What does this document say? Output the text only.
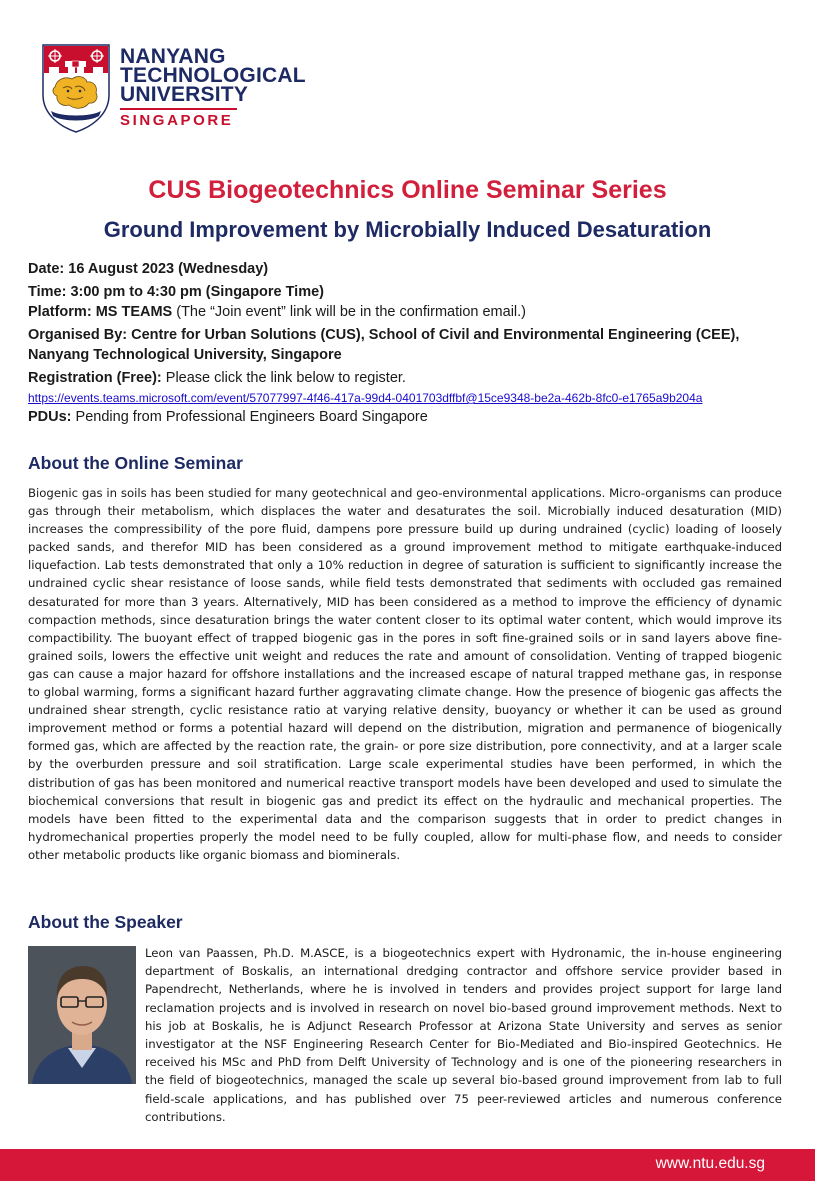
NANYANG
TECHNOLOGICAL
UNIVERSITY
SINGAPORE
CUS Biogeotechnics Online Seminar Series
Ground Improvement by Microbially Induced Desaturation
Date: 16 August 2023 (Wednesday)
Time: 3:00 pm to 4:30 pm (Singapore Time)
Platform: MS TEAMS (The “Join event” link will be in the confirmation email.)
Organised By: Centre for Urban Solutions (CUS), School of Civil and Environmental Engineering (CEE),
Nanyang Technological University, Singapore
Registration (Free): Please click the link below to register.
https://events.teams.microsoft.com/event/57077997-4f46-417a-99d4-0401703dffbf@15ce9348-be2a-462b-8fc0-e1765a9b204a
PDUs: Pending from Professional Engineers Board Singapore
About the Online Seminar

Biogenic gas in soils has been studied for many geotechnical and geo-environmental applications. Micro-organisms can produce gas through their metabolism, which displaces the water and desaturates the soil. Microbially induced desaturation (MID) increases the compressibility of the pore fluid, dampens pore pressure build up during undrained (cyclic) loading of loosely packed sands, and therefor MID has been considered as a ground improvement method to mitigate earthquake-induced liquefaction. Lab tests demonstrated that only a 10% reduction in degree of saturation is sufficient to significantly increase the undrained cyclic shear resistance of loose sands, while field tests demonstrated that sediments with occluded gas remained desaturated for more than 3 years. Alternatively, MID has been considered as a method to improve the efficiency of dynamic compaction methods, since desaturation brings the water content closer to its optimal water content, which would improve its compactibility. The buoyant effect of trapped biogenic gas in the pores in soft fine-grained soils or in sand layers above fine-grained soils, lowers the effective unit weight and reduces the rate and amount of consolidation. Venting of trapped biogenic gas can cause a major hazard for offshore installations and the increased escape of natural trapped methane gas, in response to global warming, forms a significant hazard further aggravating climate change. How the presence of biogenic gas affects the undrained shear strength, cyclic resistance ratio at varying relative density, buoyancy or whether it can be used as ground improvement method or forms a potential hazard will depend on the distribution, migration and permanence of biogenically formed gas, which are affected by the reaction rate, the grain- or pore size distribution, pore connectivity, and at a larger scale by the overburden pressure and soil stratification. Large scale experimental studies have been performed, in which the distribution of gas has been monitored and numerical reactive transport models have been developed and used to simulate the biochemical conversions that result in biogenic gas and predict its effect on the hydraulic and mechanical properties. The models have been fitted to the experimental data and the comparison suggests that in order to predict changes in hydromechanical properties properly the model need to be fully coupled, allow for multi-phase flow, and needs to consider other metabolic products like organic biomass and biominerals.

About the Speaker

Leon van Paassen, Ph.D. M.ASCE, is a biogeotechnics expert with Hydronamic, the in-house engineering department of Boskalis, an international dredging contractor and offshore service provider based in Papendrecht, Netherlands, where he is involved in tenders and provides project support for large land reclamation projects and is involved in research on novel bio-based ground improvement methods. Next to his job at Boskalis, he is Adjunct Research Professor at Arizona State University and serves as senior investigator at the NSF Engineering Research Center for Bio-Mediated and Bio-inspired Geotechnics. He received his MSc and PhD from Delft University of Technology and is one of the pioneering researchers in the field of biogeotechnics, managed the scale up several bio-based ground improvement from lab to full field-scale applications, and has published over 75 peer-reviewed articles and numerous conference contributions.

www.ntu.edu.sg
